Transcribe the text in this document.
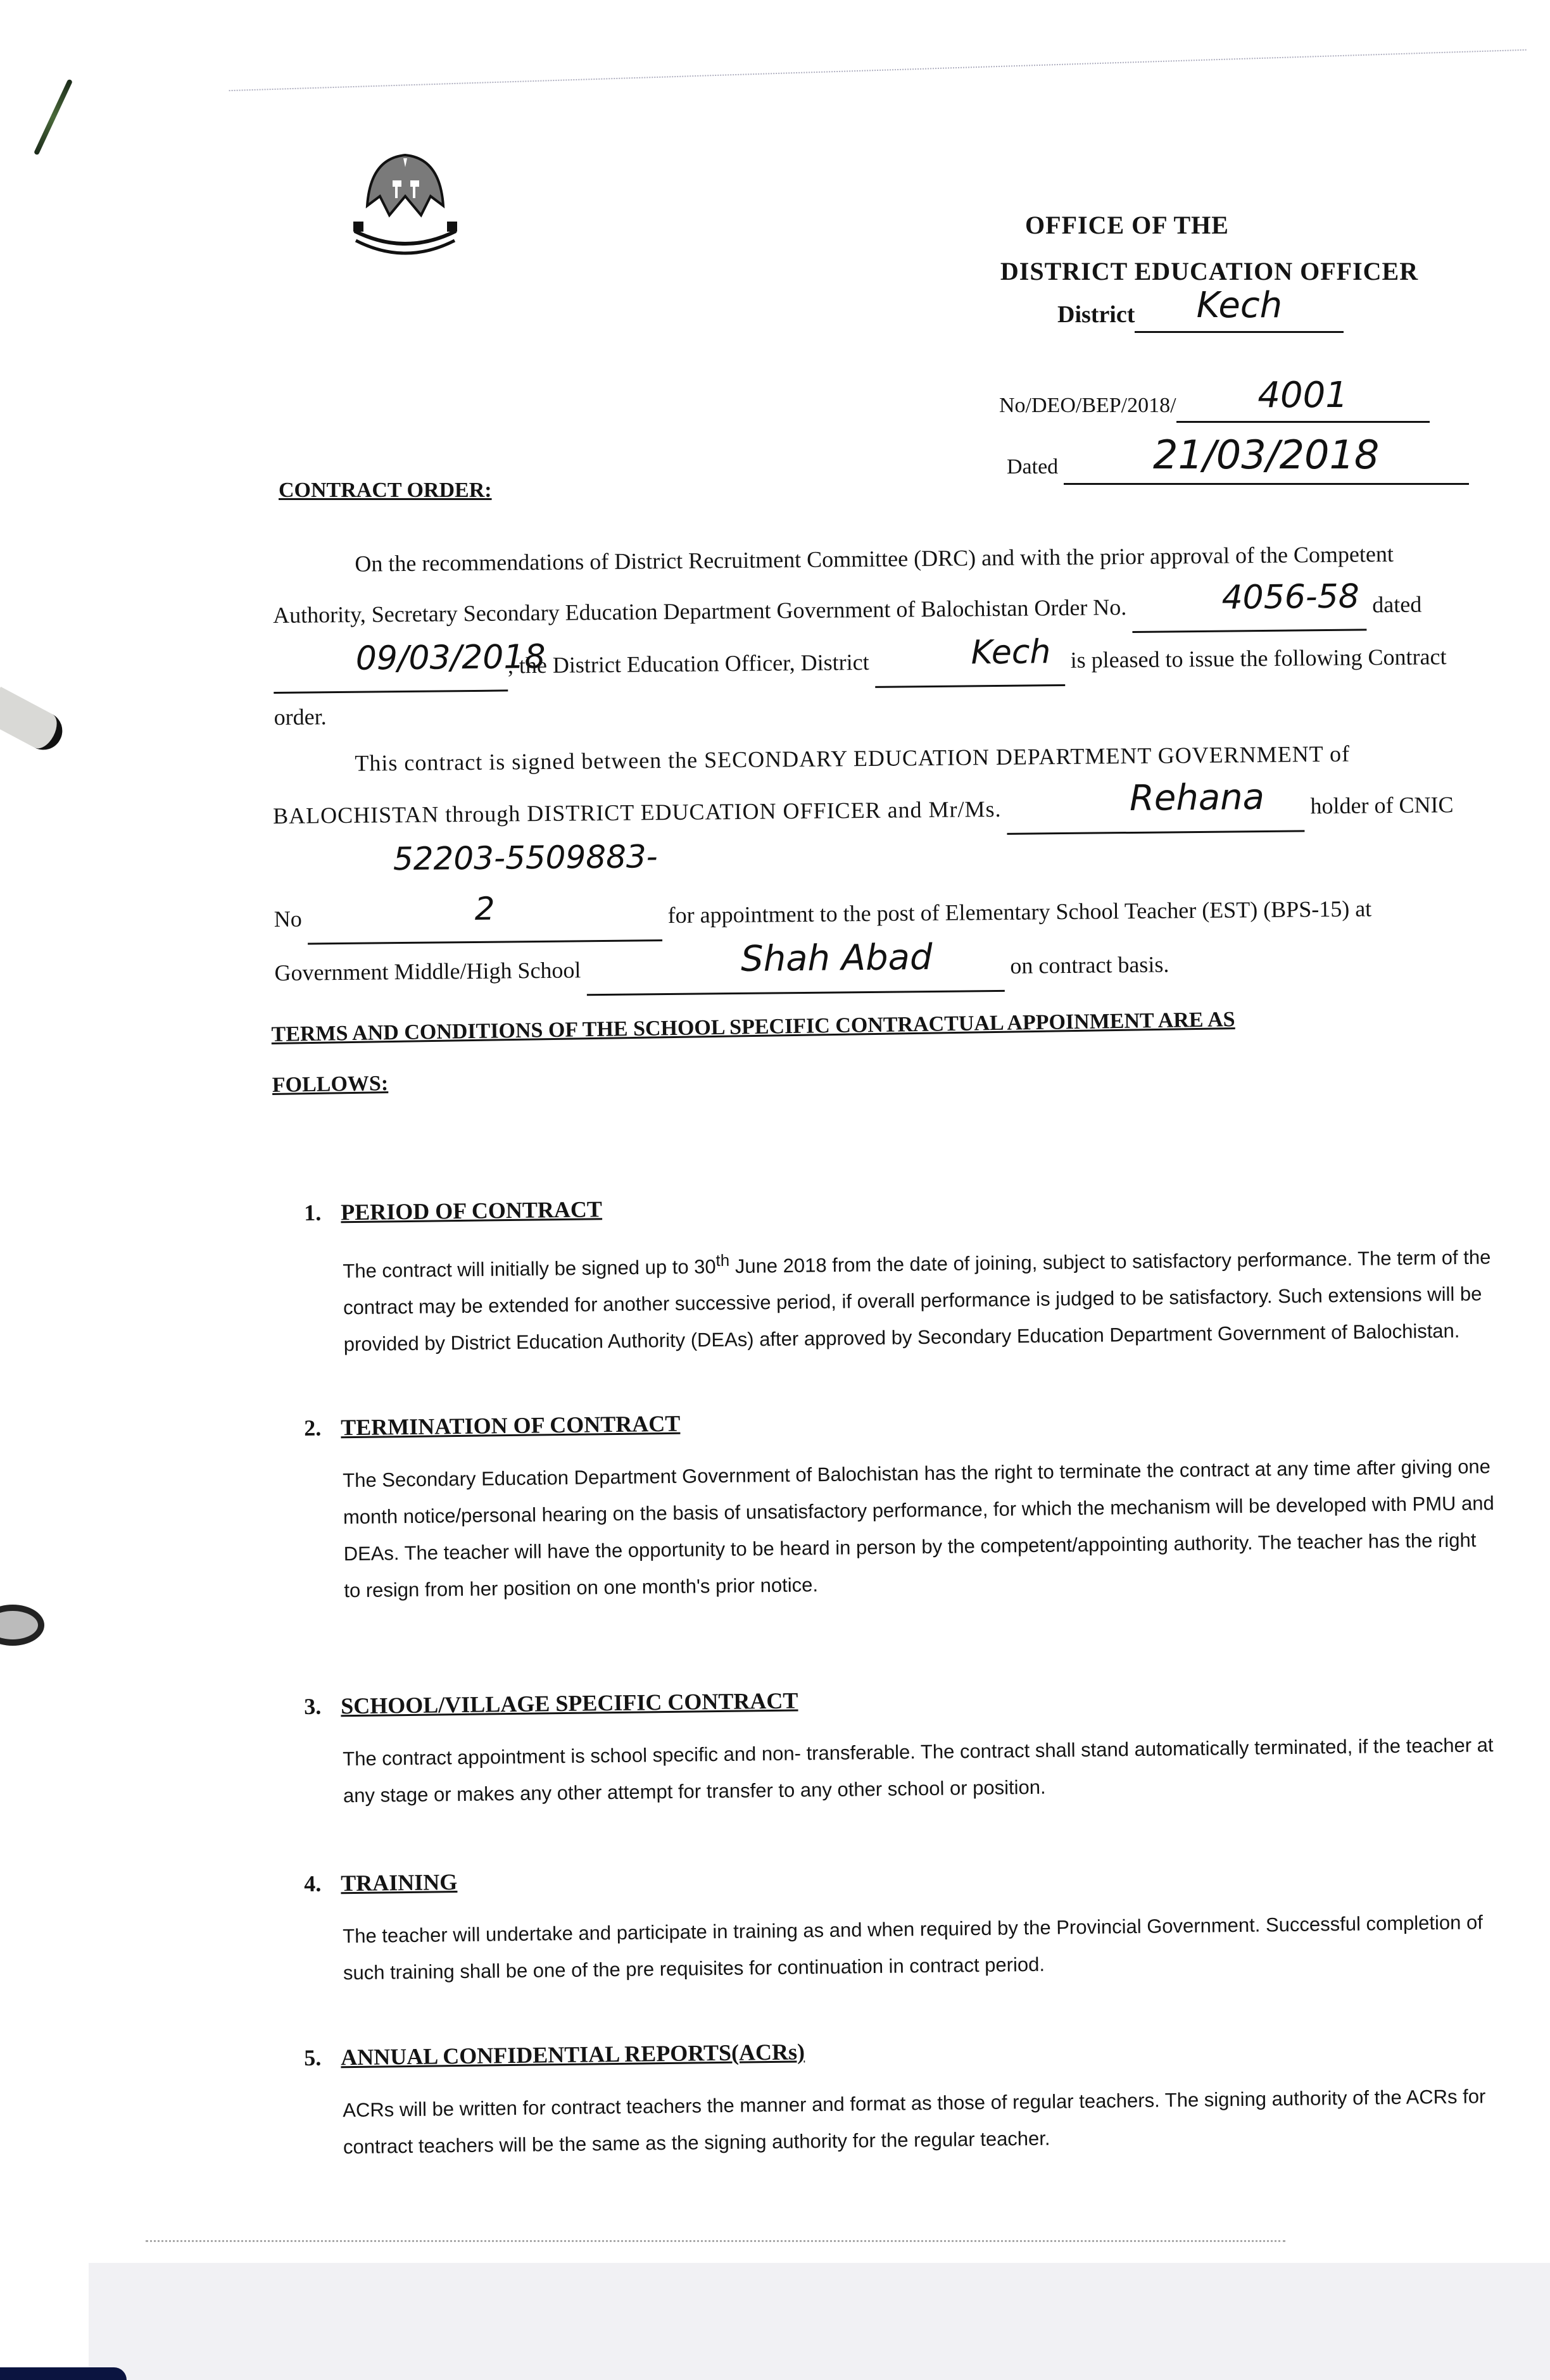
OFFICE OF THE
DISTRICT EDUCATION OFFICER
District Kech
No/DEO/BEP/2018/ 4001
Dated 21/03/2018
CONTRACT ORDER:
On the recommendations of District Recruitment Committee (DRC) and with the prior approval of the Competent Authority, Secretary Secondary Education Department Government of Balochistan Order No.	4056-58 dated 09/03/2018, the District Education Officer, District	Kech is pleased to issue the following Contract order.
This contract is signed between the SECONDARY EDUCATION DEPARTMENT GOVERNMENT of BALOCHISTAN through DISTRICT EDUCATION OFFICER and Mr/Ms.	Rehana holder of CNIC No 52203-5509883-2	for appointment to the post of Elementary School Teacher (EST) (BPS-15) at Government Middle/High School	Shah Abad	on contract basis.
TERMS AND CONDITIONS OF THE SCHOOL SPECIFIC CONTRACTUAL APPOINMENT ARE AS
FOLLOWS:
1. PERIOD OF CONTRACT
The contract will initially be signed up to 30th June 2018 from the date of joining, subject to satisfactory performance. The term of the contract may be extended for another successive period, if overall performance is judged to be satisfactory. Such extensions will be provided by District Education Authority (DEAs) after approved by Secondary Education Department Government of Balochistan.
2. TERMINATION OF CONTRACT
The Secondary Education Department Government of Balochistan has the right to terminate the contract at any time after giving one month notice/personal hearing on the basis of unsatisfactory performance, for which the mechanism will be developed with PMU and DEAs. The teacher will have the opportunity to be heard in person by the competent/appointing authority. The teacher has the right to resign from her position on one month's prior notice.
3. SCHOOL/VILLAGE SPECIFIC CONTRACT
The contract appointment is school specific and non- transferable. The contract shall stand automatically terminated, if the teacher at any stage or makes any other attempt for transfer to any other school or position.
4. TRAINING
The teacher will undertake and participate in training as and when required by the Provincial Government. Successful completion of such training shall be one of the pre requisites for continuation in contract period.
5. ANNUAL CONFIDENTIAL REPORTS(ACRs)
ACRs will be written for contract teachers the manner and format as those of regular teachers. The signing authority of the ACRs for contract teachers will be the same as the signing authority for the regular teacher.
